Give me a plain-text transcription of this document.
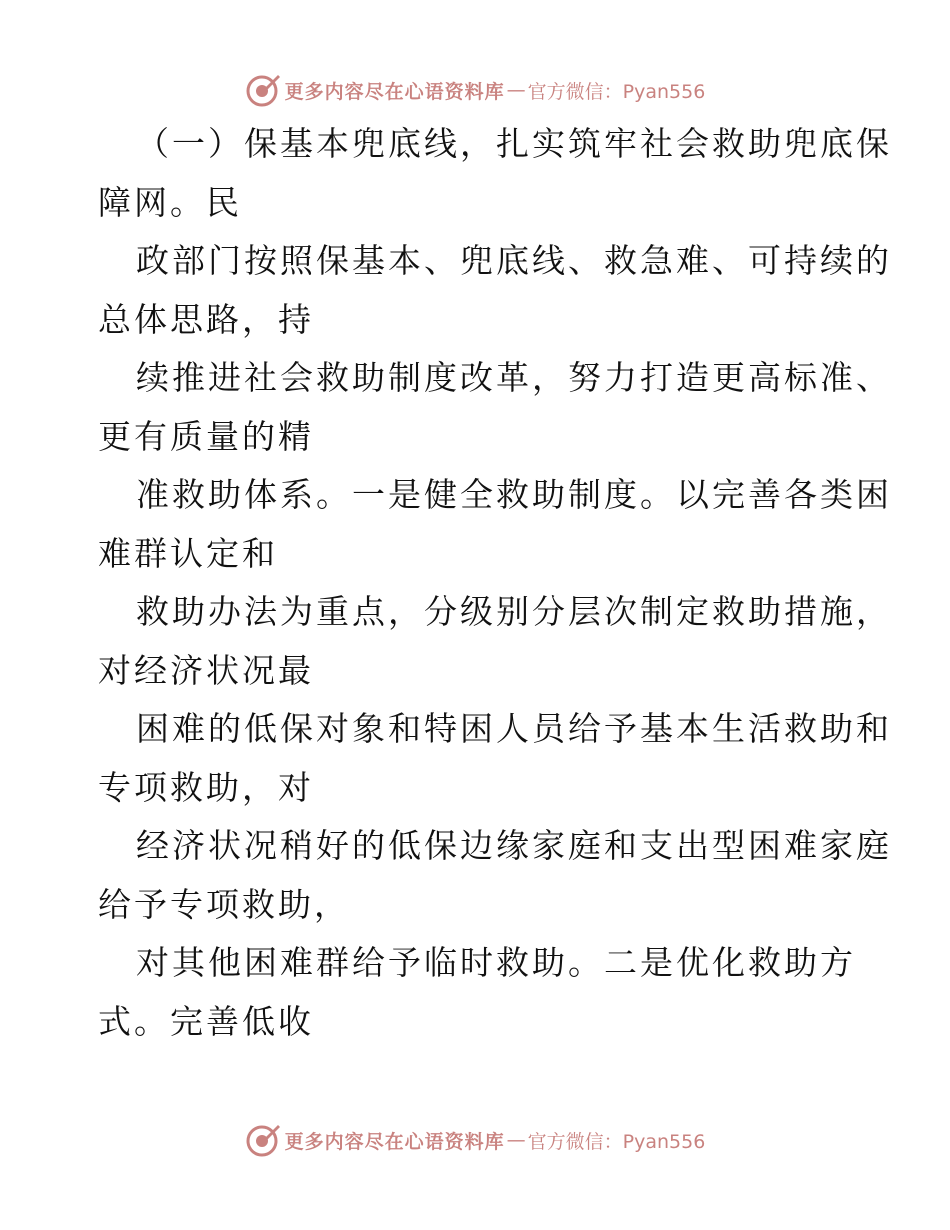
更多内容尽在心语资料库 — 官方微信：Pyan556
（一）保基本兜底线，扎实筑牢社会救助兜底保
障网。民
政部门按照保基本、兜底线、救急难、可持续的
总体思路，持
续推进社会救助制度改革，努力打造更高标准、
更有质量的精
准救助体系。一是健全救助制度。以完善各类困
难群认定和
救助办法为重点，分级别分层次制定救助措施，
对经济状况最
困难的低保对象和特困人员给予基本生活救助和
专项救助，对
经济状况稍好的低保边缘家庭和支出型困难家庭
给予专项救助，
对其他困难群给予临时救助。二是优化救助方
式。完善低收
更多内容尽在心语资料库 — 官方微信：Pyan556
